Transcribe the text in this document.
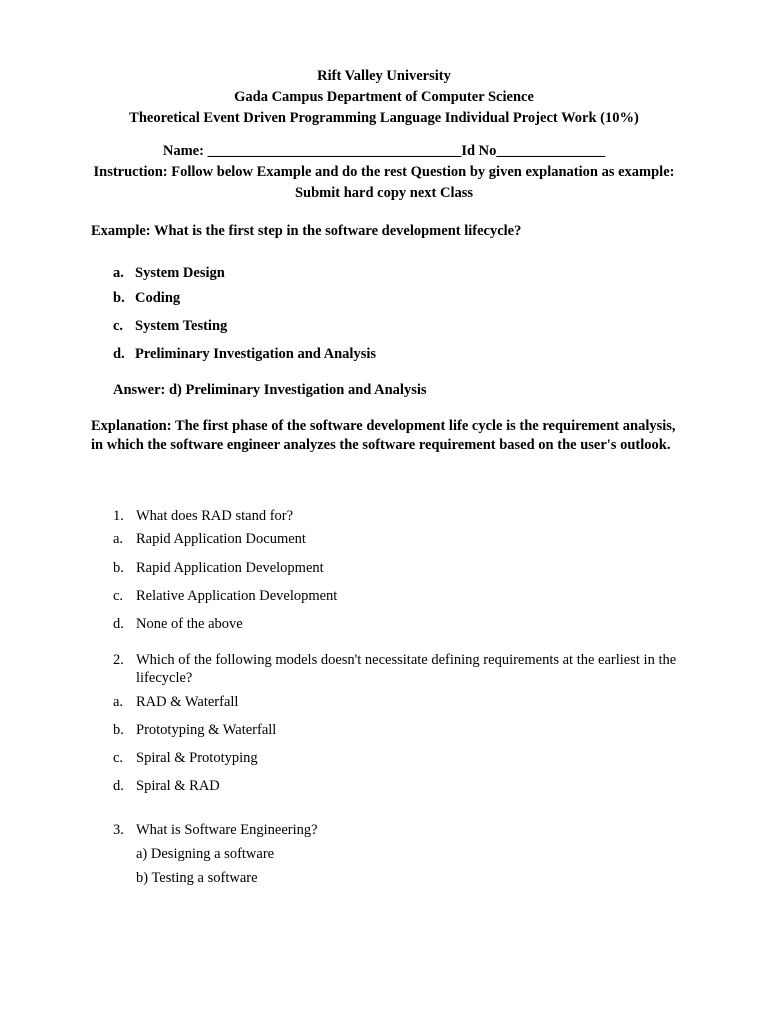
Rift Valley University
Gada Campus Department of Computer Science
Theoretical Event Driven Programming Language Individual Project Work (10%)
Name: ___________________________________Id No_______________
Instruction: Follow below Example and do the rest Question by given explanation as example:
Submit hard copy next Class
Example: What is the first step in the software development lifecycle?
a. System Design
b. Coding
c. System Testing
d. Preliminary Investigation and Analysis
Answer: d) Preliminary Investigation and Analysis
Explanation: The first phase of the software development life cycle is the requirement analysis,
in which the software engineer analyzes the software requirement based on the user's outlook.
1. What does RAD stand for?
a. Rapid Application Document
b. Rapid Application Development
c. Relative Application Development
d. None of the above
2. Which of the following models doesn't necessitate defining requirements at the earliest in the
lifecycle?
a. RAD & Waterfall
b. Prototyping & Waterfall
c. Spiral & Prototyping
d. Spiral & RAD
3. What is Software Engineering?
a) Designing a software
b) Testing a software
